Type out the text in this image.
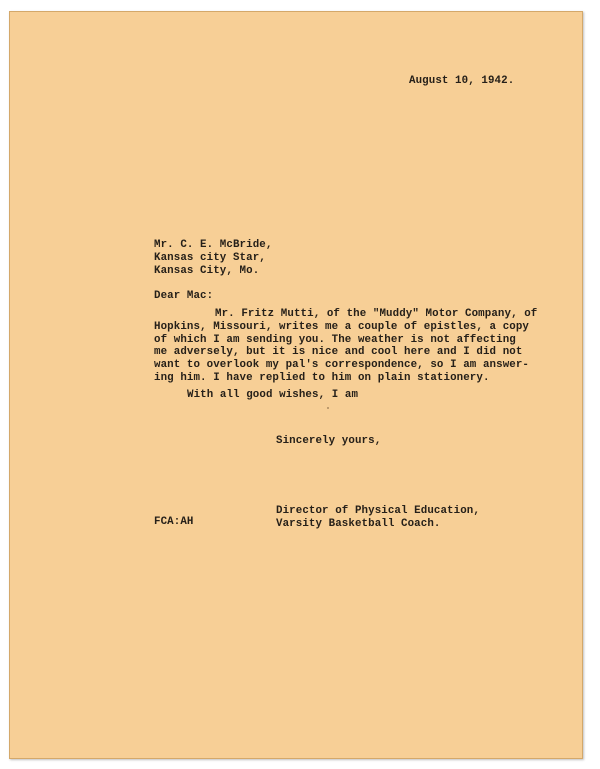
August 10, 1942.
Mr. C. E. McBride,
Kansas city Star,
Kansas City, Mo.
Dear Mac:
Mr. Fritz Mutti, of the "Muddy" Motor Company, of
Hopkins, Missouri, writes me a couple of epistles, a copy
of which I am sending you. The weather is not affecting
me adversely, but it is nice and cool here and I did not
want to overlook my pal's correspondence, so I am answer-
ing him. I have replied to him on plain stationery.
With all good wishes, I am
Sincerely yours,
Director of Physical Education,
Varsity Basketball Coach.
FCA:AH
